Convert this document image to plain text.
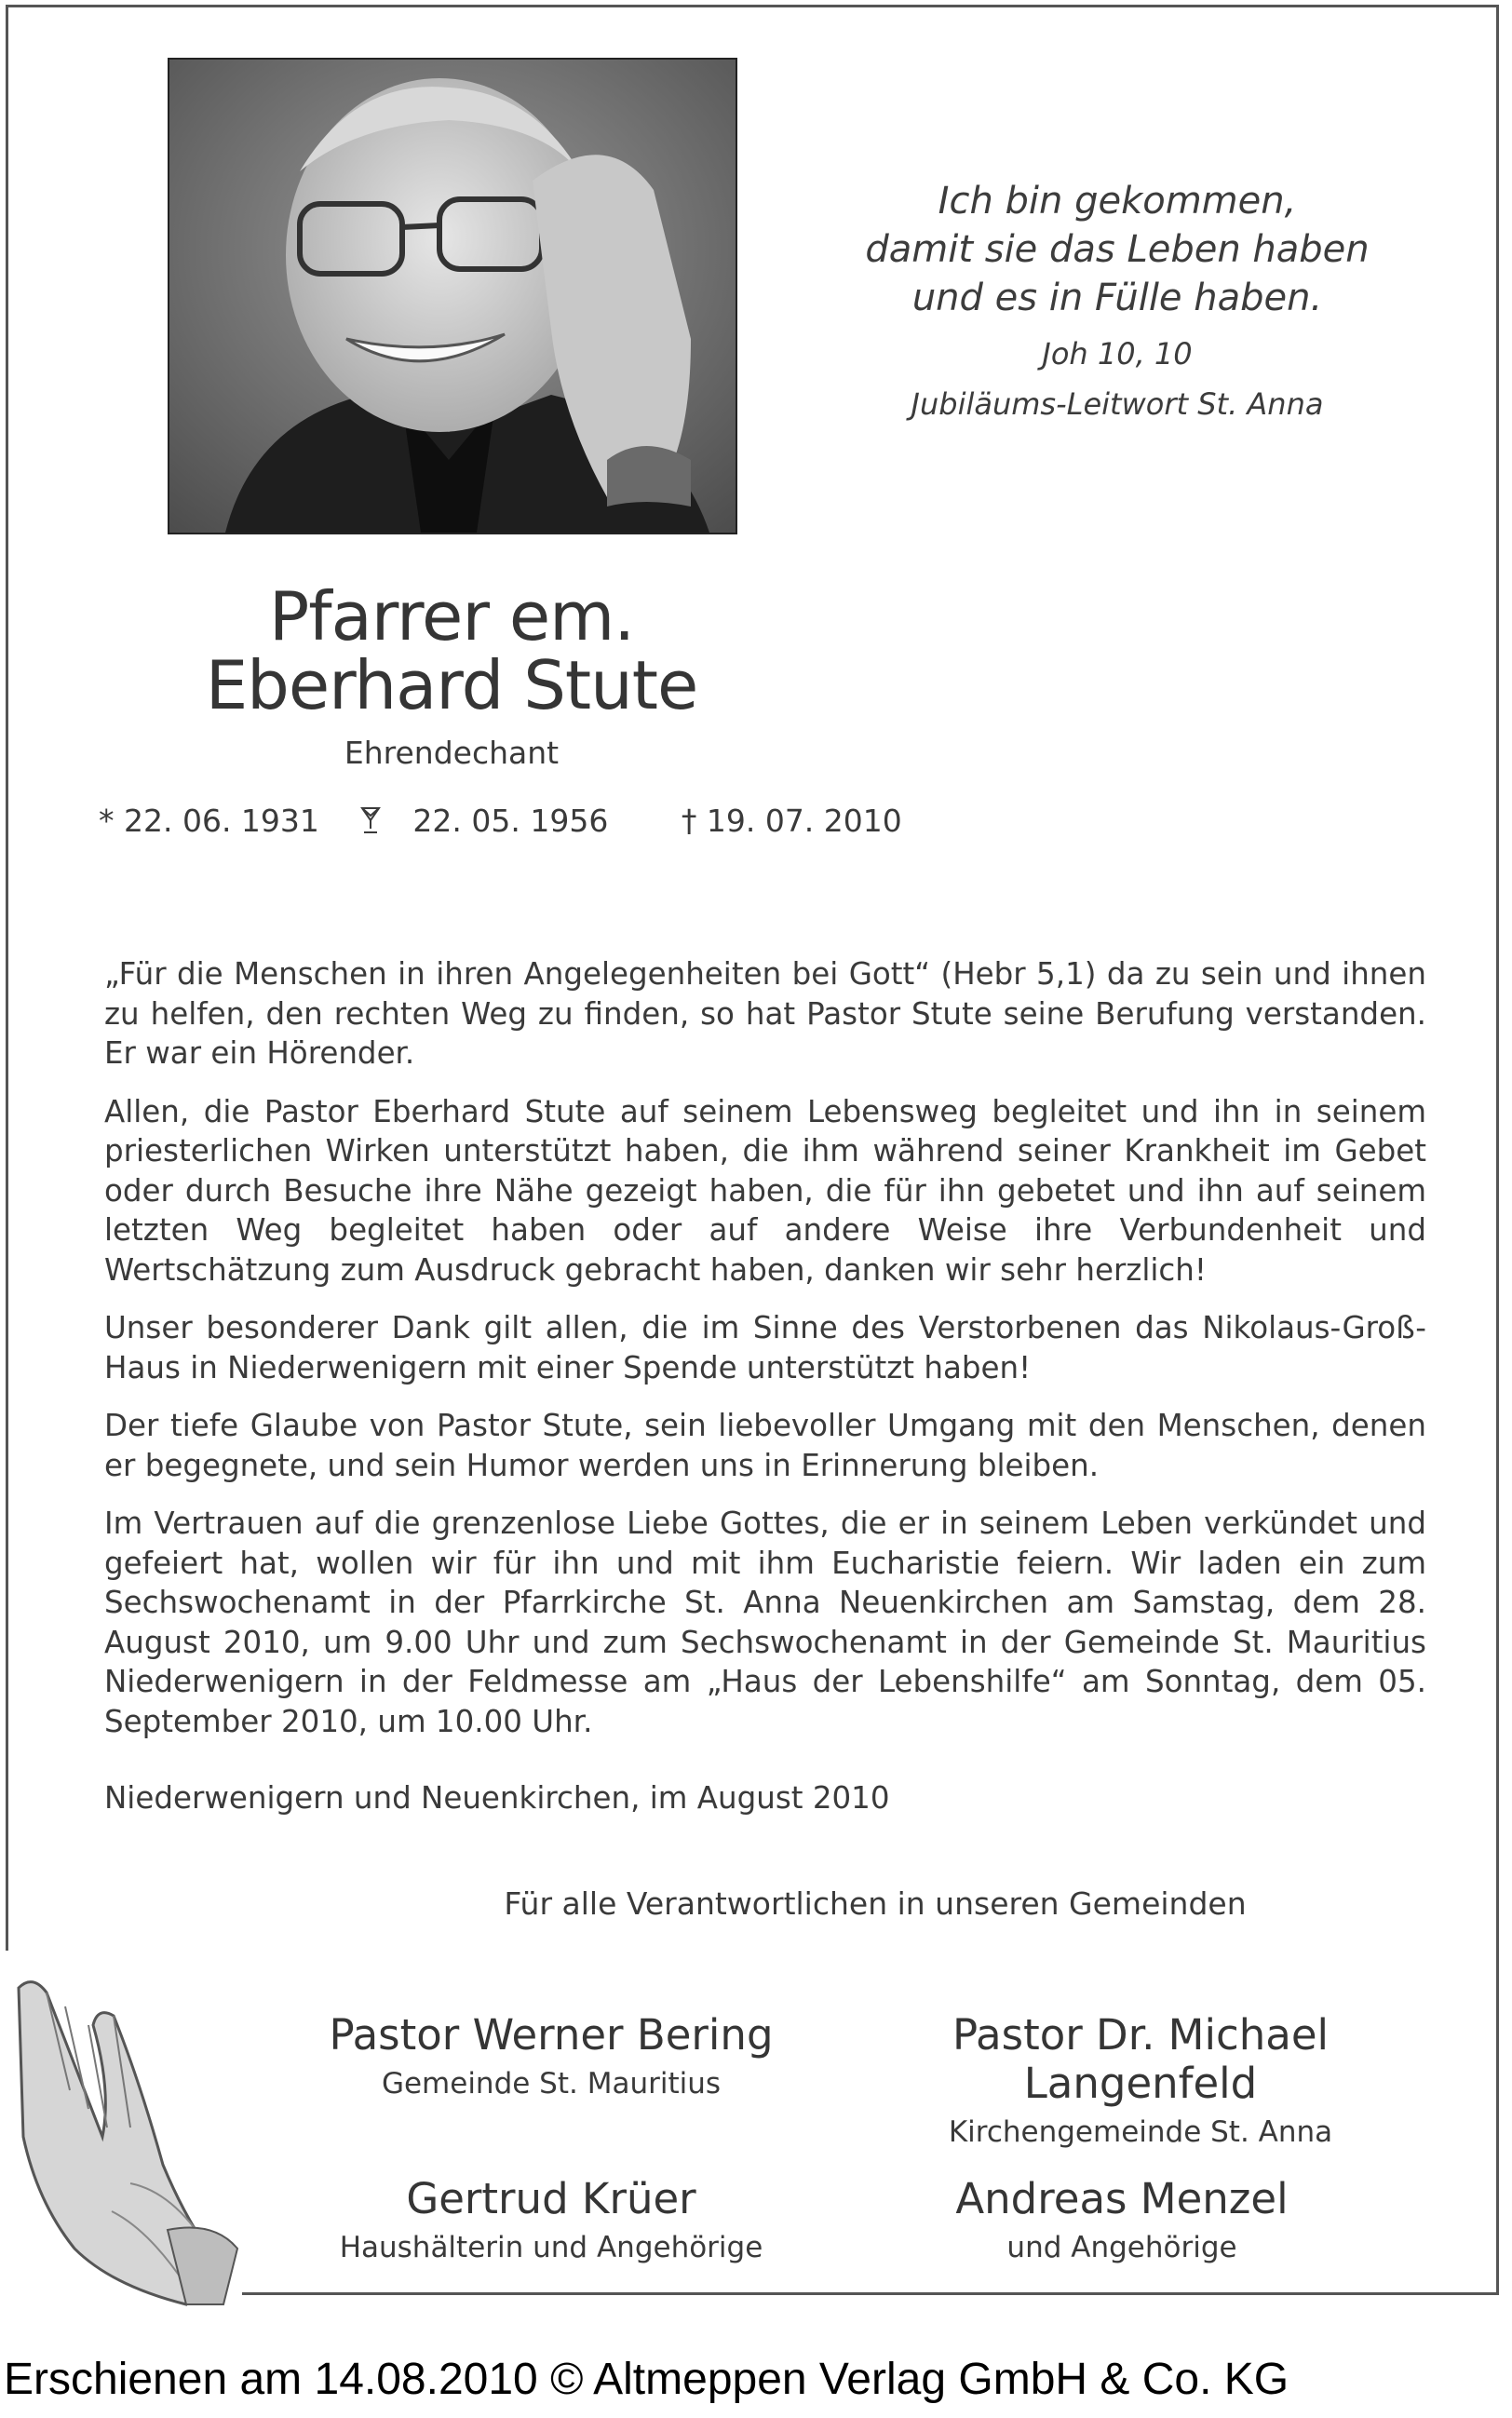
Ich bin gekommen,
damit sie das Leben haben
und es in Fülle haben.
Joh 10, 10
Jubiläums-Leitwort St. Anna
Pfarrer em.
Eberhard Stute
Ehrendechant
* 22. 06. 1931	22. 05. 1956 † 19. 07. 2010

„Für die Menschen in ihren Angelegenheiten bei Gott“ (Hebr 5,1) da zu sein und ihnen zu helfen, den rechten Weg zu finden, so hat Pastor Stute seine Berufung verstanden. Er war ein Hörender.

Allen, die Pastor Eberhard Stute auf seinem Lebensweg begleitet und ihn in seinem priesterlichen Wirken unterstützt haben, die ihm während seiner Krankheit im Gebet oder durch Besuche ihre Nähe gezeigt haben, die für ihn gebetet und ihn auf seinem letzten Weg begleitet haben oder auf andere Weise ihre Verbundenheit und Wertschätzung zum Ausdruck gebracht haben, danken wir sehr herzlich!

Unser besonderer Dank gilt allen, die im Sinne des Verstorbenen das Nikolaus-Groß-Haus in Niederwenigern mit einer Spende unterstützt haben!

Der tiefe Glaube von Pastor Stute, sein liebevoller Umgang mit den Menschen, denen er begegnete, und sein Humor werden uns in Erinnerung bleiben.

Im Vertrauen auf die grenzenlose Liebe Gottes, die er in seinem Leben verkündet und gefeiert hat, wollen wir für ihn und mit ihm Eucharistie feiern. Wir laden ein zum Sechswochenamt in der Pfarrkirche St. Anna Neuenkirchen am Samstag, dem 28. August 2010, um 9.00 Uhr und zum Sechswochenamt in der Gemeinde St. Mauritius Niederwenigern in der Feldmesse am „Haus der Lebenshilfe“ am Sonntag, dem 05. September 2010, um 10.00 Uhr.

Niederwenigern und Neuenkirchen, im August 2010

Für alle Verantwortlichen in unseren Gemeinden
Pastor Werner Bering
Gemeinde St. Mauritius
Pastor Dr. Michael Langenfeld
Kirchengemeinde St. Anna
Gertrud Krüer
Haushälterin und Angehörige
Andreas Menzel
und Angehörige
Erschienen am 14.08.2010 © Altmeppen Verlag GmbH & Co. KG
